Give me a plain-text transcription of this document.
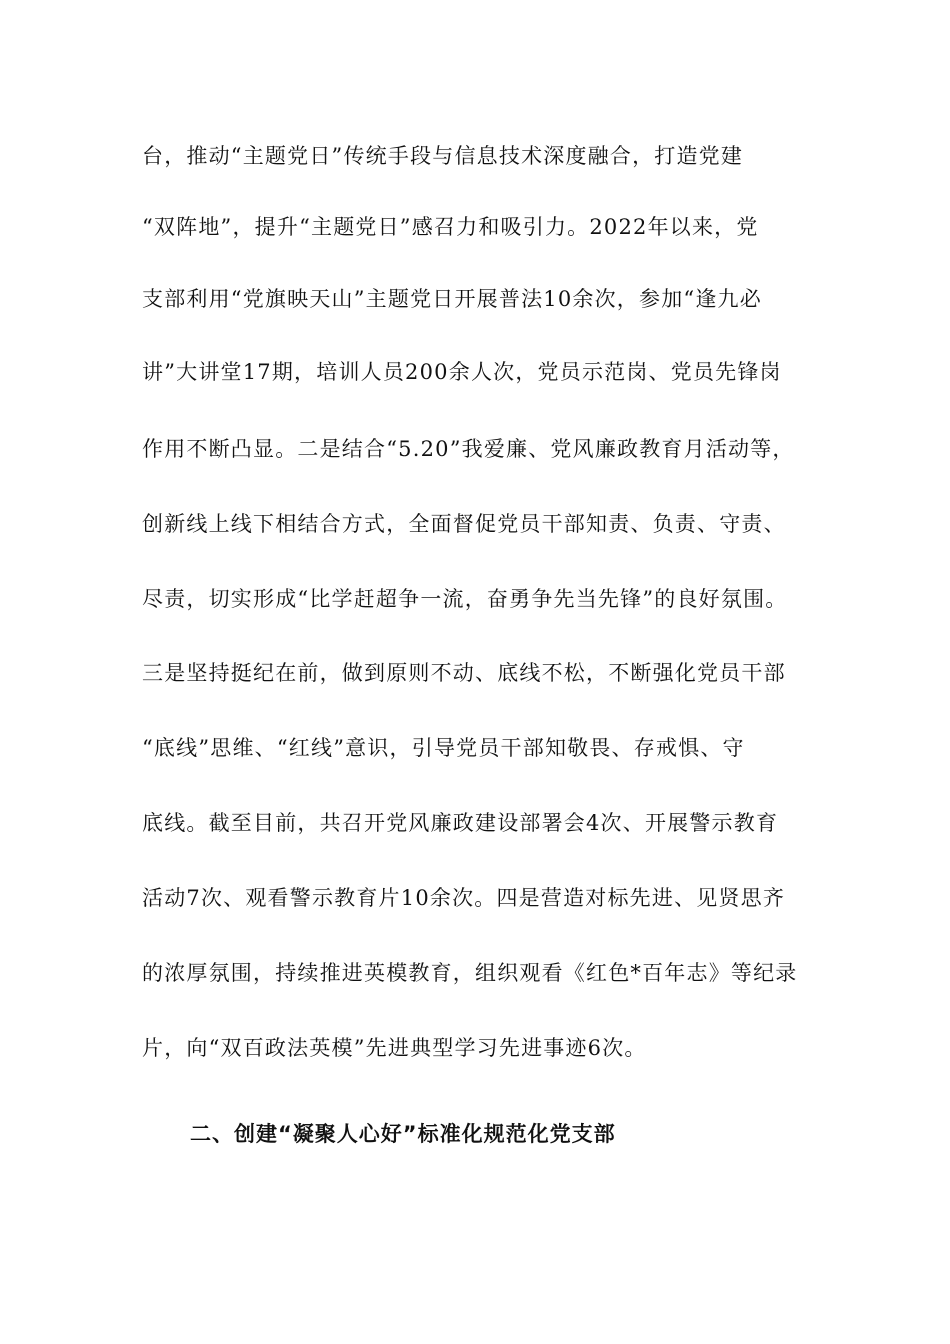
台，推动“主题党日”传统手段与信息技术深度融合，打造党建
“双阵地”，提升“主题党日”感召力和吸引力。2022年以来，党
支部利用“党旗映天山”主题党日开展普法10余次，参加“逢九必
讲”大讲堂17期，培训人员200余人次，党员示范岗、党员先锋岗
作用不断凸显。二是结合“5.20”我爱廉、党风廉政教育月活动等，
创新线上线下相结合方式，全面督促党员干部知责、负责、守责、
尽责，切实形成“比学赶超争一流，奋勇争先当先锋”的良好氛围。
三是坚持挺纪在前，做到原则不动、底线不松，不断强化党员干部
“底线”思维、“红线”意识，引导党员干部知敬畏、存戒惧、守
底线。截至目前，共召开党风廉政建设部署会4次、开展警示教育
活动7次、观看警示教育片10余次。四是营造对标先进、见贤思齐
的浓厚氛围，持续推进英模教育，组织观看《红色*百年志》等纪录
片，向“双百政法英模”先进典型学习先进事迹6次。
二、创建“凝聚人心好”标准化规范化党支部
